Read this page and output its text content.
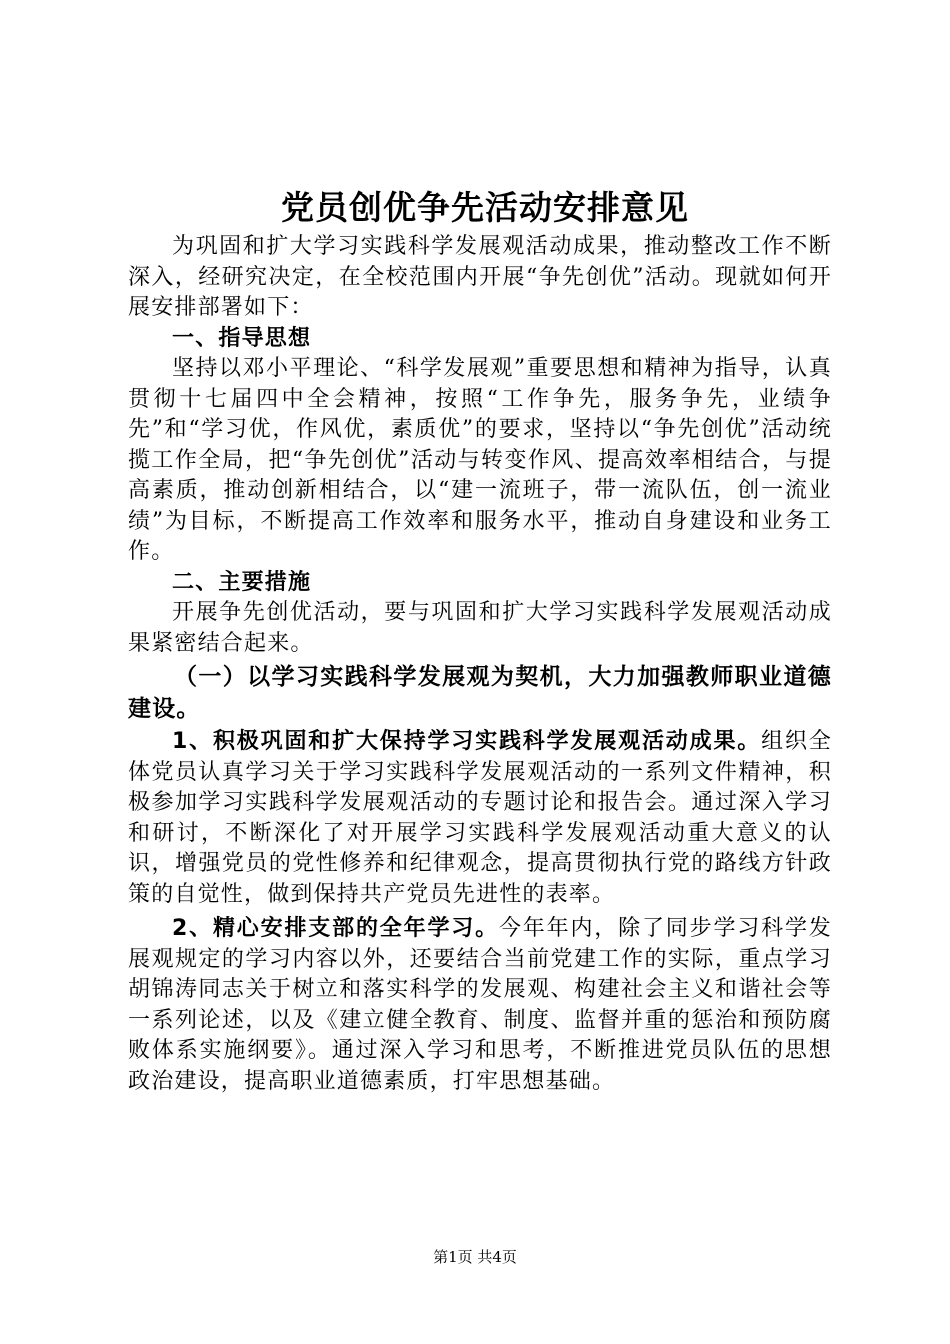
党员创优争先活动安排意见

为巩固和扩大学习实践科学发展观活动成果，推动整改工作不断深入，经研究决定，在全校范围内开展“争先创优”活动。现就如何开展安排部署如下：

一、指导思想

坚持以邓小平理论、“科学发展观”重要思想和精神为指导，认真贯彻十七届四中全会精神，按照“工作争先，服务争先，业绩争先”和“学习优，作风优，素质优”的要求，坚持以“争先创优”活动统揽工作全局，把“争先创优”活动与转变作风、提高效率相结合，与提高素质，推动创新相结合，以“建一流班子，带一流队伍，创一流业绩”为目标，不断提高工作效率和服务水平，推动自身建设和业务工作。

二、主要措施

开展争先创优活动，要与巩固和扩大学习实践科学发展观活动成果紧密结合起来。

（一）以学习实践科学发展观为契机，大力加强教师职业道德建设。

1、积极巩固和扩大保持学习实践科学发展观活动成果。组织全体党员认真学习关于学习实践科学发展观活动的一系列文件精神，积极参加学习实践科学发展观活动的专题讨论和报告会。通过深入学习和研讨，不断深化了对开展学习实践科学发展观活动重大意义的认识，增强党员的党性修养和纪律观念，提高贯彻执行党的路线方针政策的自觉性，做到保持共产党员先进性的表率。

2、精心安排支部的全年学习。今年年内，除了同步学习科学发展观规定的学习内容以外，还要结合当前党建工作的实际，重点学习胡锦涛同志关于树立和落实科学的发展观、构建社会主义和谐社会等一系列论述，以及《建立健全教育、制度、监督并重的惩治和预防腐败体系实施纲要》。通过深入学习和思考，不断推进党员队伍的思想政治建设，提高职业道德素质，打牢思想基础。

第1页 共4页
